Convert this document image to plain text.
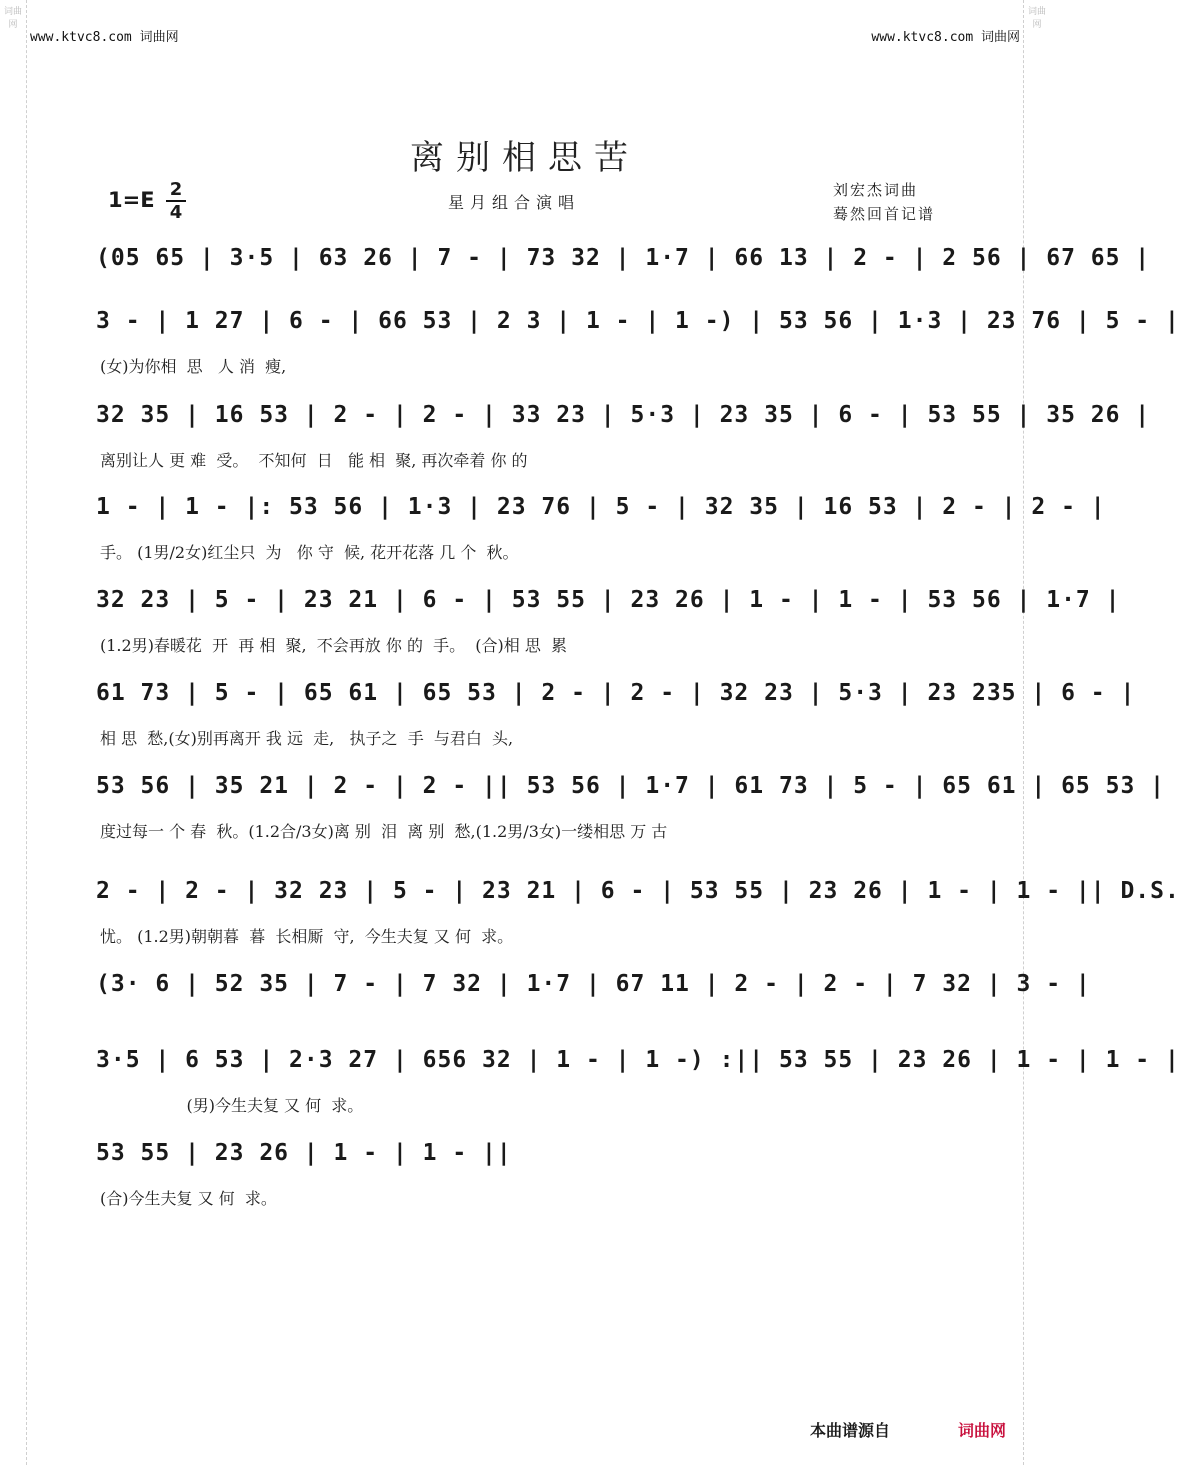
词曲网
词曲网
www.ktvc8.com 词曲网	www.ktvc8.com 词曲网
离别相思苦
1=E 2
4	星月组合演唱
刘宏杰词曲
蓦然回首记谱
(05 65 | 3·5 | 63 26 | 7 - | 73 32 | 1·7 | 66 13 | 2 - | 2 56 | 67 65 |
3 - | 1 27 | 6 - | 66 53 | 2 3 | 1 - | 1 -) | 53 56 | 1·3 | 23 76 | 5 - |
(女)为你相  思   人 消  瘦,
32 35 | 16 53 | 2 - | 2 - | 33 23 | 5·3 | 23 35 | 6 - | 53 55 | 35 26 |
离别让人 更 难  受。  不知何  日   能 相  聚, 再次牵着 你 的
1 - | 1 - |: 53 56 | 1·3 | 23 76 | 5 - | 32 35 | 16 53 | 2 - | 2 - |
手。 (1男/2女)红尘只  为   你 守  候, 花开花落 几 个  秋。
32 23 | 5 - | 23 21 | 6 - | 53 55 | 23 26 | 1 - | 1 - | 53 56 | 1·7 |
(1.2男)春暖花  开  再 相  聚,  不会再放 你 的  手。  (合)相 思  累
61 73 | 5 - | 65 61 | 65 53 | 2 - | 2 - | 32 23 | 5·3 | 23 235 | 6 - |
相 思  愁,(女)别再离开 我 远  走,   执子之  手  与君白  头,
53 56 | 35 21 | 2 - | 2 - || 53 56 | 1·7 | 61 73 | 5 - | 65 61 | 65 53 |
度过每一 个 春  秋。(1.2合/3女)离 别  泪  离 别  愁,(1.2男/3女)一缕相思 万 古
2 - | 2 - | 32 23 | 5 - | 23 21 | 6 - | 53 55 | 23 26 | 1 - | 1 - || D.S.
忧。 (1.2男)朝朝暮  暮  长相厮  守,  今生夫复 又 何  求。
(3· 6 | 52 35 | 7 - | 7 32 | 1·7 | 67 11 | 2 - | 2 - | 7 32 | 3 - |
3·5 | 6 53 | 2·3 27 | 656 32 | 1 - | 1 -) :|| 53 55 | 23 26 | 1 - | 1 - |
(男)今生夫复 又 何  求。
53 55 | 23 26 | 1 - | 1 - ||
(合)今生夫复 又 何  求。
本曲谱源自	词曲网
